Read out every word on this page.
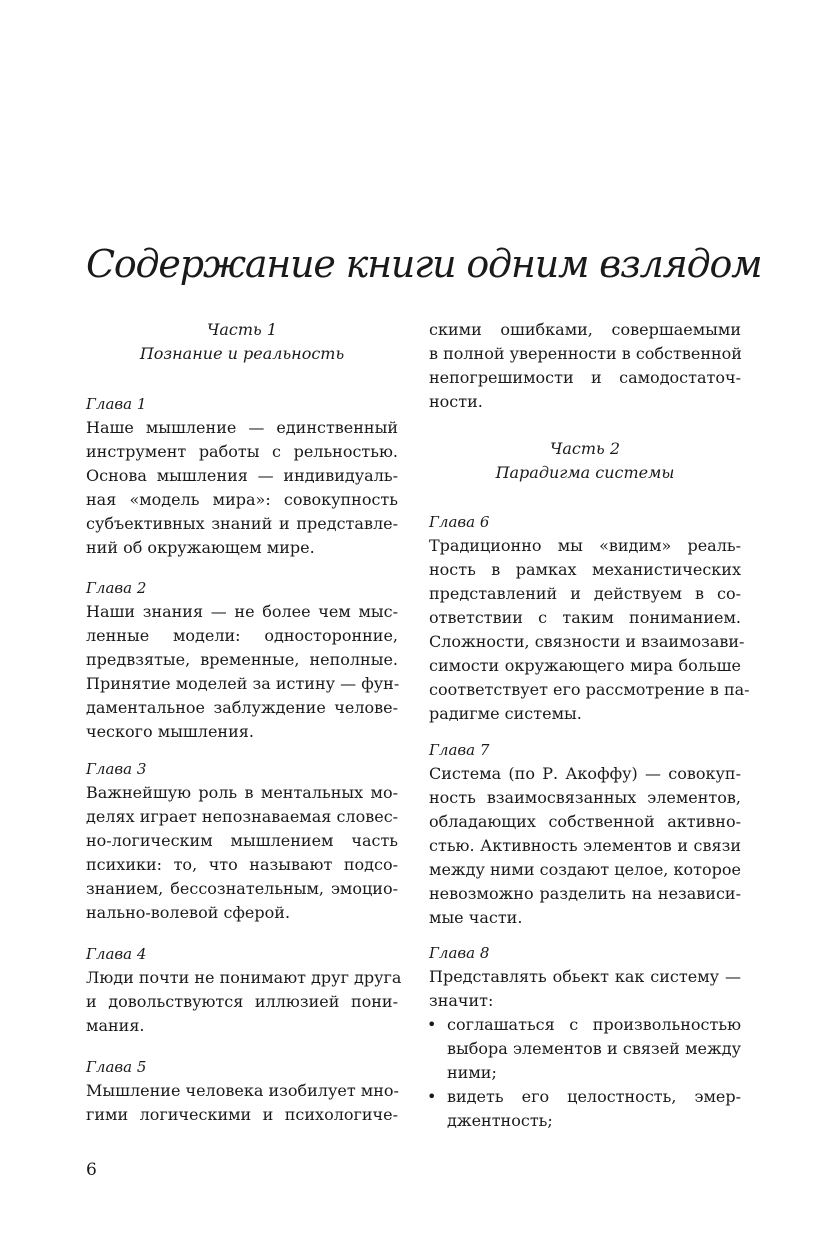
Содержание книги одним взлядом
Часть 1
Познание и реальность
Глава 1
Наше мышление — единственный
инструмент работы с рельностью.
Основа мышления — индивидуаль-
ная «модель мира»: совокупность
субъективных знаний и представле-
ний об окружающем мире.
Глава 2
Наши знания — не более чем мыс-
ленные модели: односторонние,
предвзятые, временные, неполные.
Принятие моделей за истину — фун-
даментальное заблуждение челове-
ческого мышления.
Глава 3
Важнейшую роль в ментальных мо-
делях играет непознаваемая словес-
но-логическим мышлением часть
психики: то, что называют подсо-
знанием, бессознательным, эмоцио-
нально-волевой сферой.
Глава 4
Люди почти не понимают друг друга
и довольствуются иллюзией пони-
мания.
Глава 5
Мышление человека изобилует мно-
гими логическими и психологиче-
скими ошибками, совершаемыми
в полной уверенности в собственной
непогрешимости и самодостаточ-
ности.
Часть 2
Парадигма системы
Глава 6
Традиционно мы «видим» реаль-
ность в рамках механистических
представлений и действуем в со-
ответствии с таким пониманием.
Сложности, связности и взаимозави-
симости окружающего мира больше
соответствует его рассмотрение в па-
радигме системы.
Глава 7
Система (по Р. Акоффу) — совокуп-
ность взаимосвязанных элементов,
обладающих собственной активно-
стью. Активность элементов и связи
между ними создают целое, которое
невозможно разделить на независи-
мые части.
Глава 8
Представлять обьект как систему —
значит:
• соглашаться с произвольностью
выбора элементов и связей между
ними;
• видеть его целостность, эмер-
джентность;
6
